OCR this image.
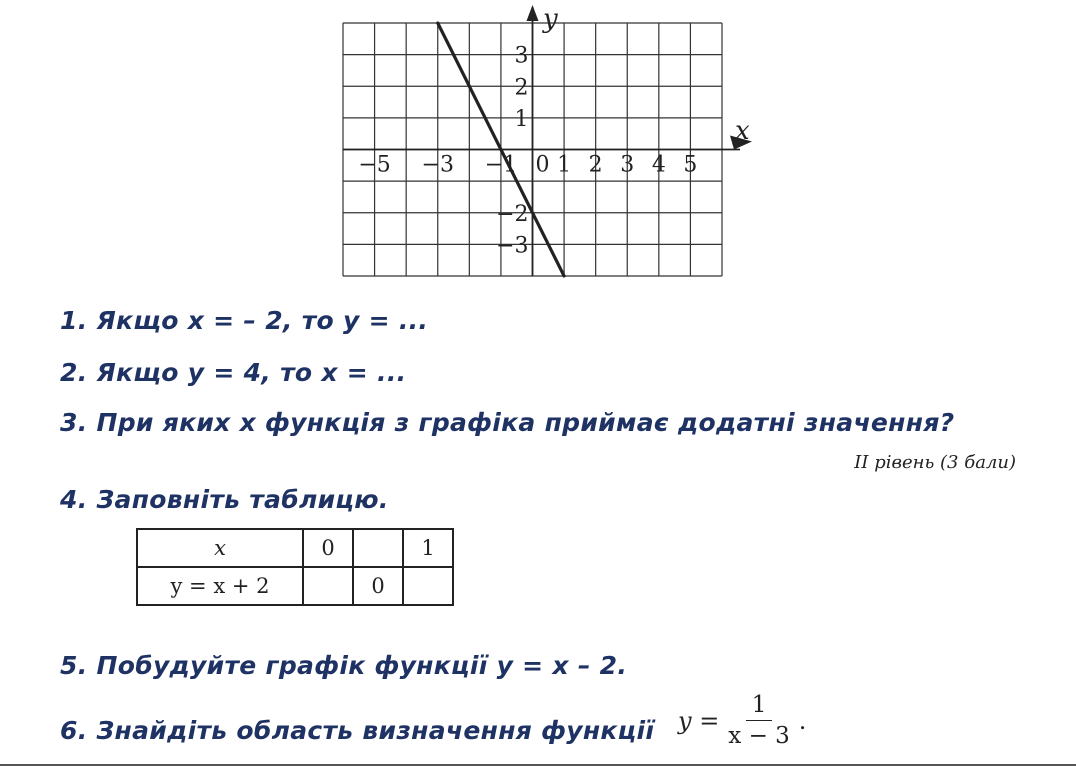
−5 −3 −1 0 1 2 3 4 5
3
2
1
−2
−3
x
y
1. Якщо x = – 2, то y = ...
2. Якщо y = 4, то x = ...
3. При яких x функція з графіка приймає додатні значення?
II рівень (3 бали)
4. Заповніть таблицю.
x	0		1
y = x + 2		0	
5. Побудуйте графік функції y = x – 2.
6. Знайдіть область визначення функції $y = \frac{1}{x - 3}$ .
